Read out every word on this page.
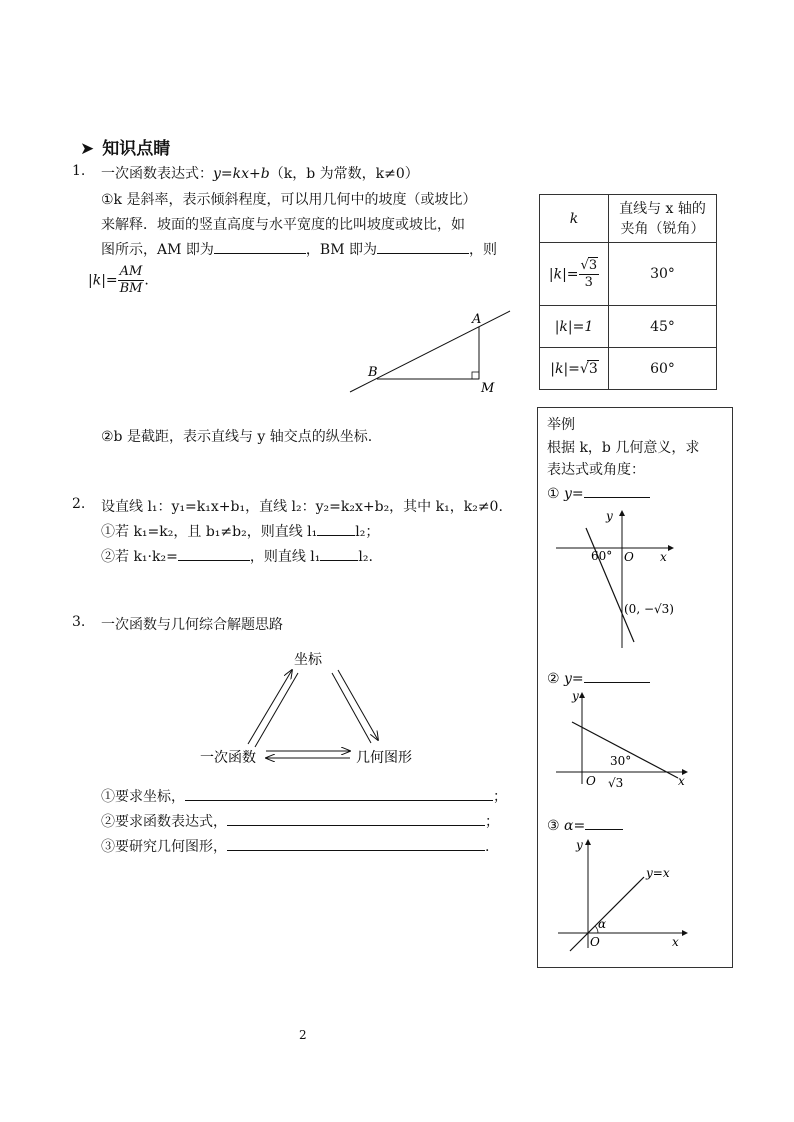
➤ 知识点睛
1. 一次函数表达式：y=kx+b（k，b 为常数，k≠0）
①k 是斜率，表示倾斜程度，可以用几何中的坡度（或坡比）
来解释．坡面的竖直高度与水平宽度的比叫坡度或坡比，如
图所示，AM 即为	，BM 即为	，则
$|k|= \frac{AM}{BM}$ .
A
B
M
②b 是截距，表示直线与 y 轴交点的纵坐标.
k	直线与 x 轴的夹角（锐角）
$|k|= \frac{√3}{3}$	30°
|k|=1	45°
|k|=√3	60°
2. 设直线 l₁：y₁=k₁x+b₁，直线 l₂：y₂=k₂x+b₂，其中 k₁，k₂≠0.
①若 k₁=k₂，且 b₁≠b₂，则直线 l₁	l₂；
②若 k₁·k₂=	，则直线 l₁	l₂.
3. 一次函数与几何综合解题思路
坐标
一次函数	几何图形
①要求坐标，	；
②要求函数表达式，	；
③要研究几何图形，	.
举例
根据 k，b 几何意义，求
表达式或角度：
① y=
y
x
O
60°
(0, −√3)
② y=
y
x
O
30°
√3
③ α=
y
x
O
y=x
α
2
